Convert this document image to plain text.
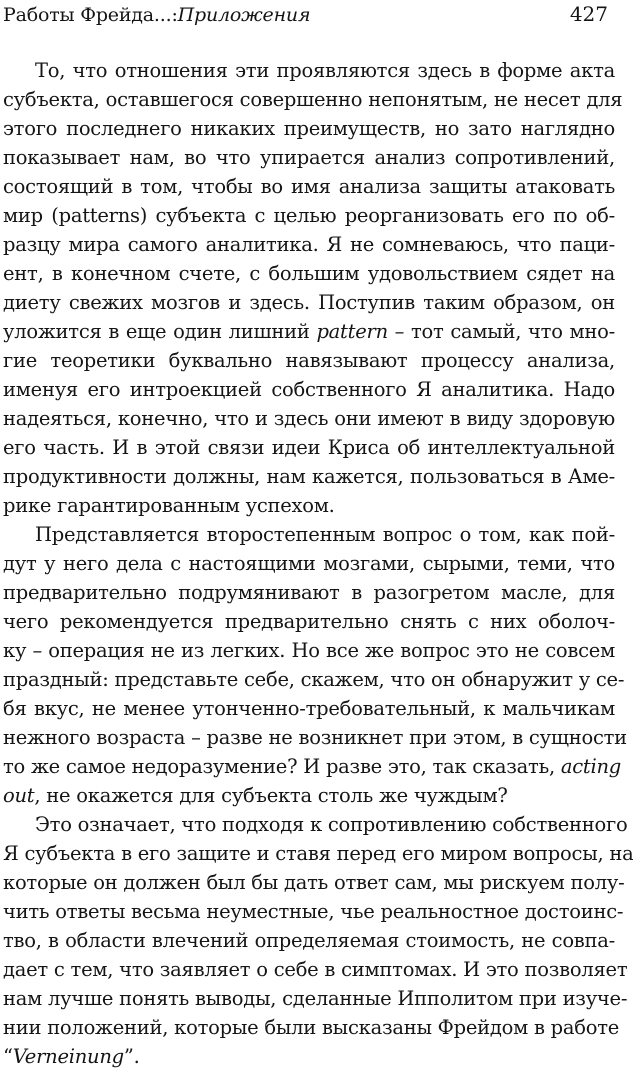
Работы Фрейда...:Приложения	427
То, что отношения эти проявляются здесь в форме акта
субъекта, оставшегося совершенно непонятым, не несет для
этого последнего никаких преимуществ, но зато наглядно
показывает нам, во что упирается анализ сопротивлений,
состоящий в том, чтобы во имя анализа защиты атаковать
мир (patterns) субъекта с целью реорганизовать его по об-
разцу мира самого аналитика. Я не сомневаюсь, что паци-
ент, в конечном счете, с большим удовольствием сядет на
диету свежих мозгов и здесь. Поступив таким образом, он
уложится в еще один лишний pattern – тот самый, что мно-
гие теоретики буквально навязывают процессу анализа,
именуя его интроекцией собственного Я аналитика. Надо
надеяться, конечно, что и здесь они имеют в виду здоровую
его часть. И в этой связи идеи Криса об интеллектуальной
продуктивности должны, нам кажется, пользоваться в Аме-
рике гарантированным успехом.
Представляется второстепенным вопрос о том, как пой-
дут у него дела с настоящими мозгами, сырыми, теми, что
предварительно подрумянивают в разогретом масле, для
чего рекомендуется предварительно снять с них оболоч-
ку – операция не из легких. Но все же вопрос это не совсем
праздный: представьте себе, скажем, что он обнаружит у се-
бя вкус, не менее утонченно-требовательный, к мальчикам
нежного возраста – разве не возникнет при этом, в сущности
то же самое недоразумение? И разве это, так сказать, acting
out, не окажется для субъекта столь же чуждым?
Это означает, что подходя к сопротивлению собственного
Я субъекта в его защите и ставя перед его миром вопросы, на
которые он должен был бы дать ответ сам, мы рискуем полу-
чить ответы весьма неуместные, чье реальностное достоинс-
тво, в области влечений определяемая стоимость, не совпа-
дает с тем, что заявляет о себе в симптомах. И это позволяет
нам лучше понять выводы, сделанные Ипполитом при изуче-
нии положений, которые были высказаны Фрейдом в работе
“Verneinung”.
